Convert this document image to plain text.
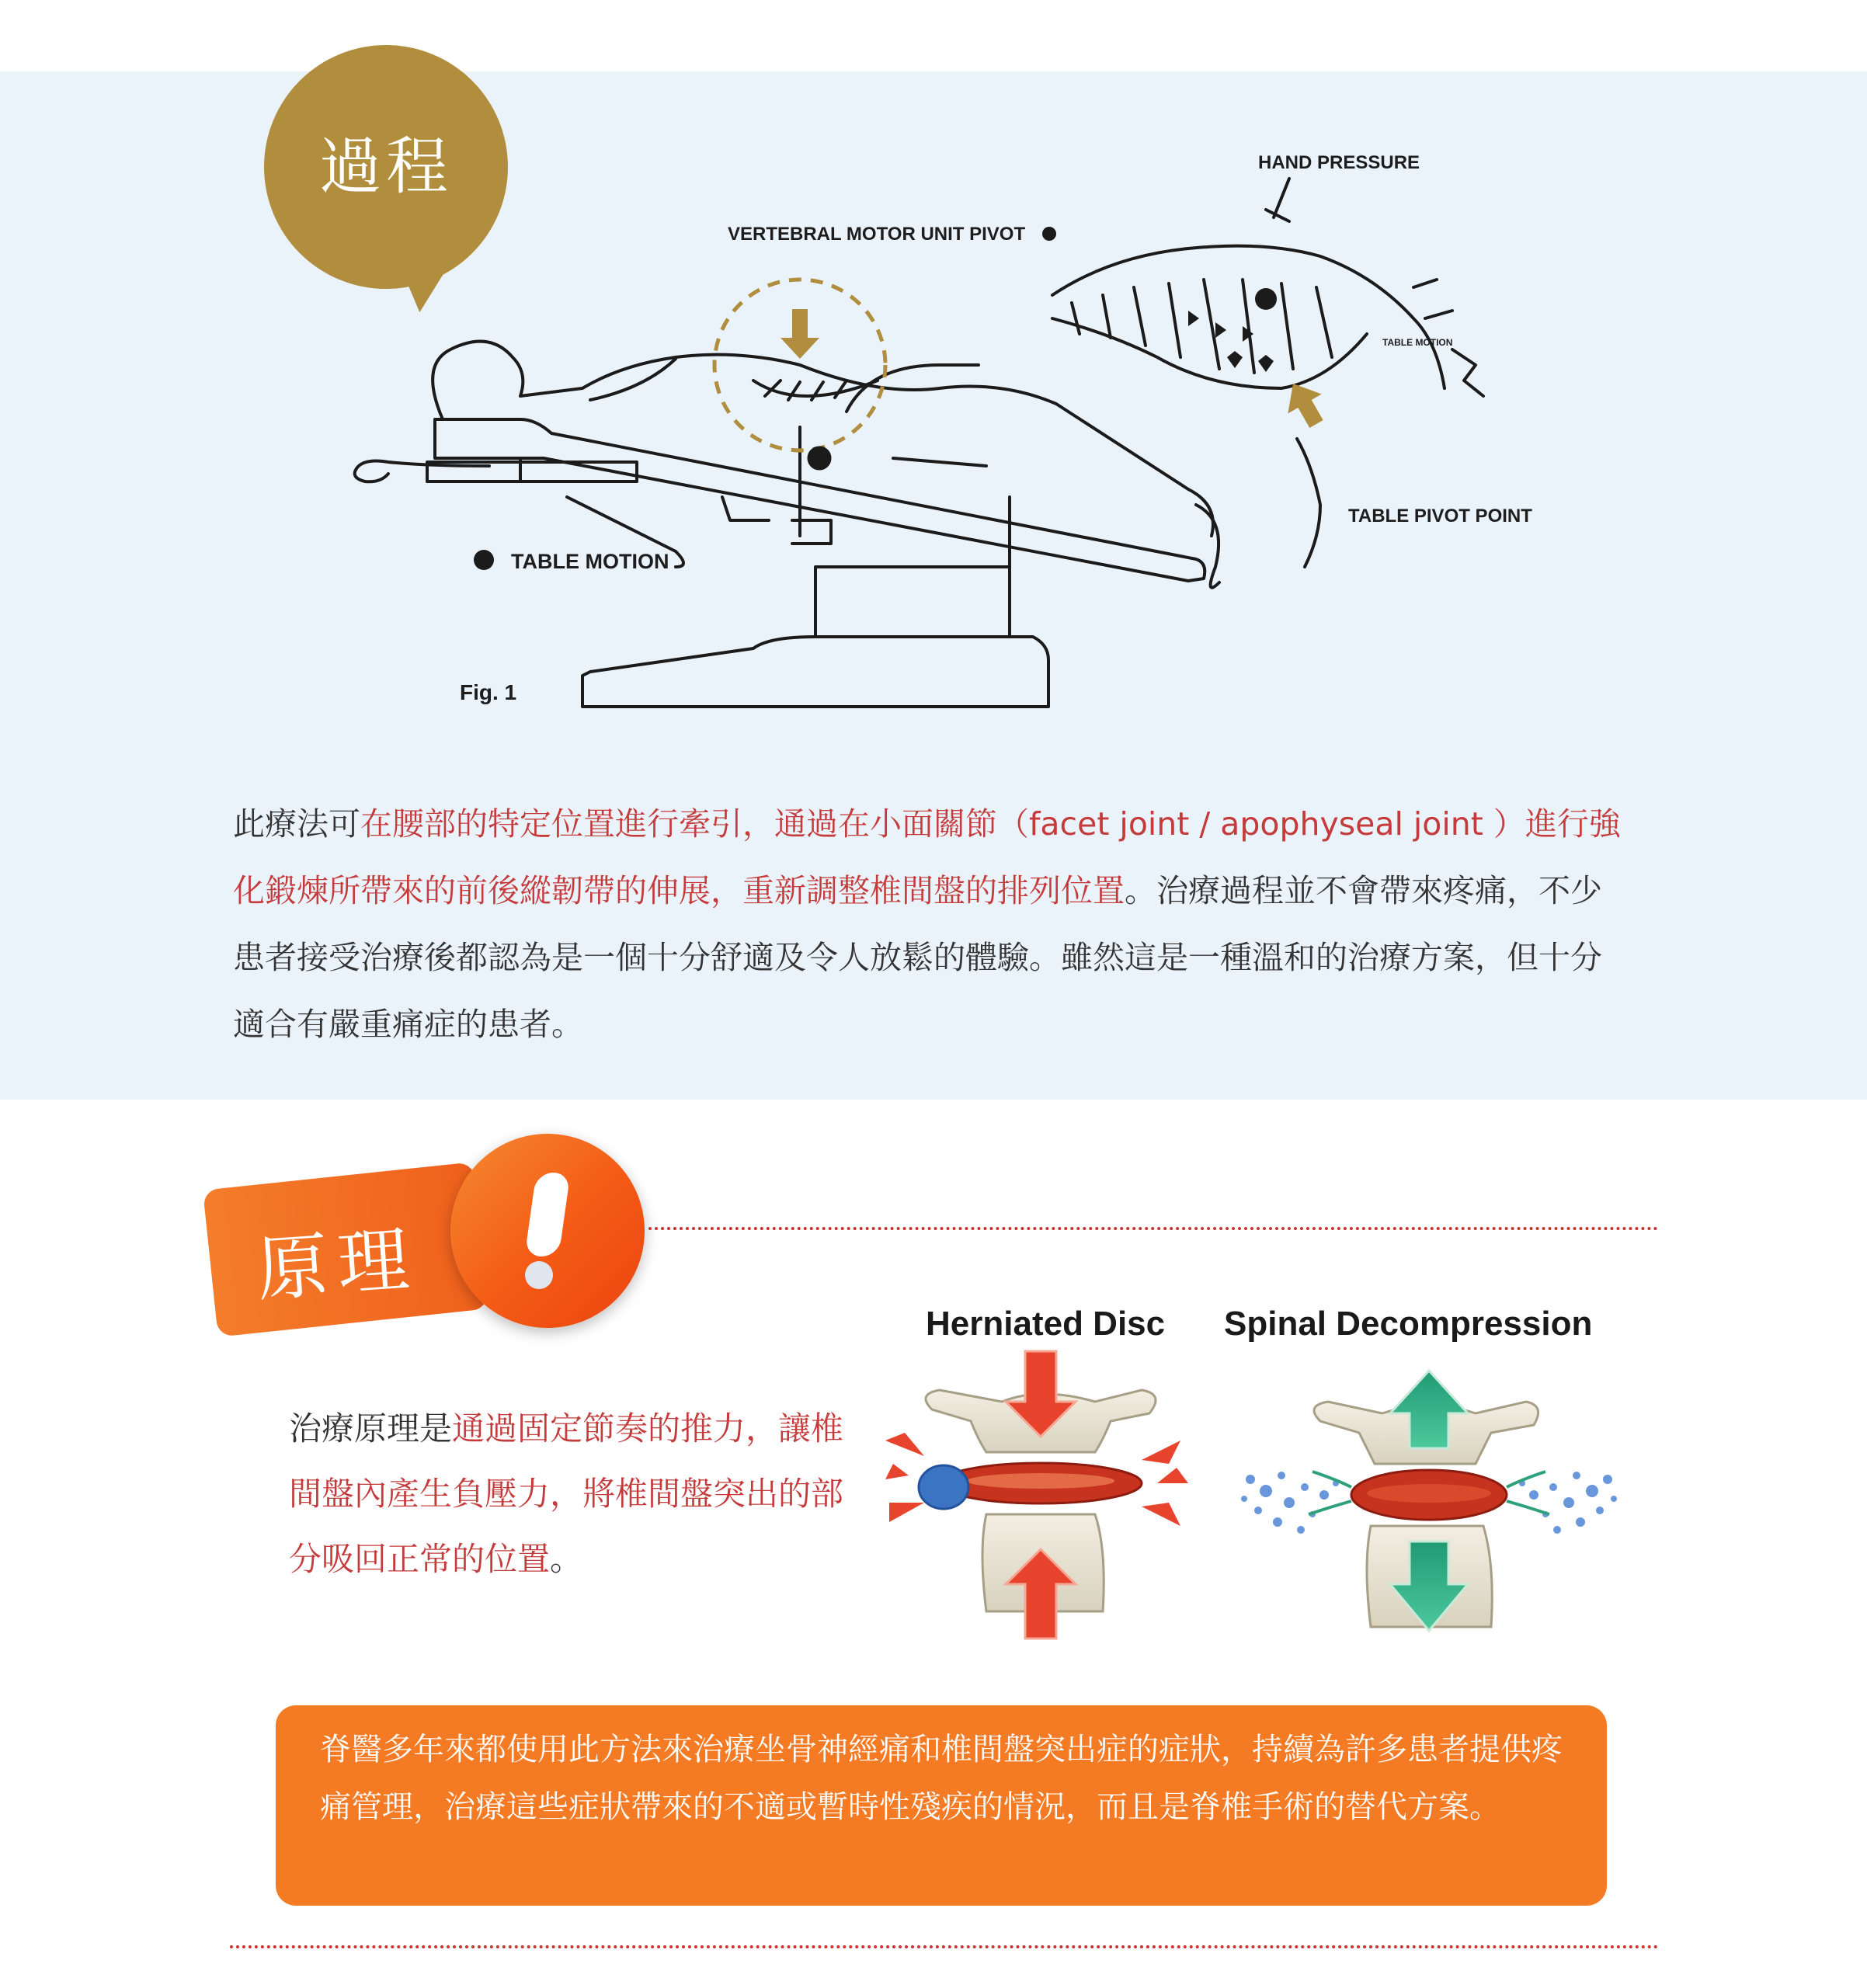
過程	HAND PRESSURE
VERTEBRAL MOTOR UNIT PIVOT
TABLE MOTION
TABLE PIVOT POINT
TABLE MOTION
Fig. 1
此療法可在腰部的特定位置進行牽引，通過在小面關節（facet joint / apophyseal joint ）進行強化鍛煉所帶來的前後縱韌帶的伸展，重新調整椎間盤的排列位置。治療過程並不會帶來疼痛，不少患者接受治療後都認為是一個十分舒適及令人放鬆的體驗。雖然這是一種溫和的治療方案，但十分適合有嚴重痛症的患者。
原理
治療原理是通過固定節奏的推力，讓椎間盤內產生負壓力，將椎間盤突出的部分吸回正常的位置。
Herniated Disc Spinal Decompression
脊醫多年來都使用此方法來治療坐骨神經痛和椎間盤突出症的症狀，持續為許多患者提供疼痛管理，治療這些症狀帶來的不適或暫時性殘疾的情況，而且是脊椎手術的替代方案。
